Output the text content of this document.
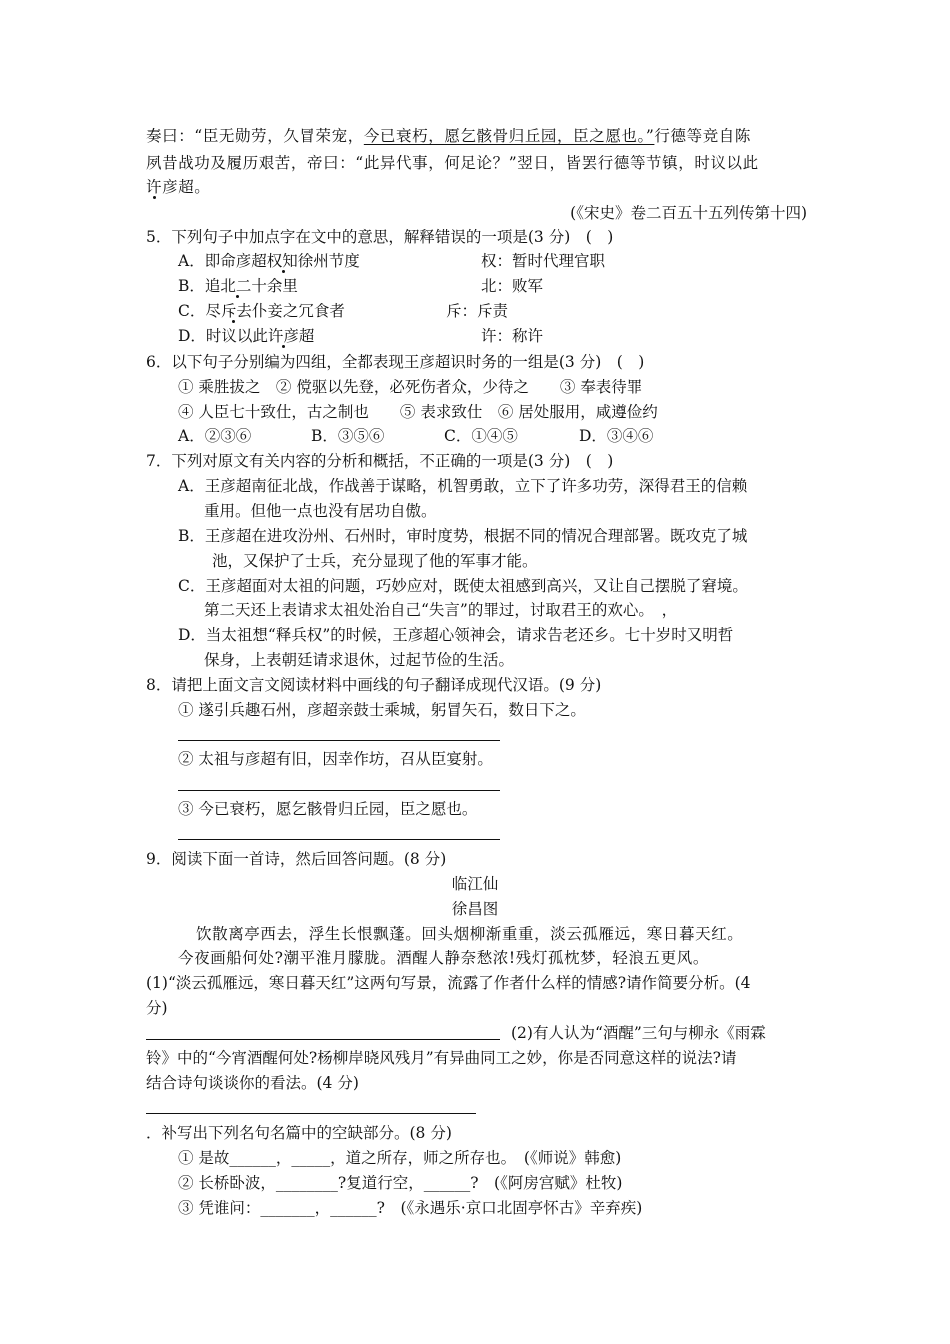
奏曰：“臣无勋劳，久冒荣宠，今已衰朽，愿乞骸骨归丘园，臣之愿也。”行德等竞自陈
夙昔战功及履历艰苦，帝曰：“此异代事，何足论？”翌日，皆罢行德等节镇，时议以此
许彦超。
(《宋史》卷二百五十五列传第十四)
5．下列句子中加点字在文中的意思，解释错误的一项是(3 分)　(　)
A．即命彦超权知徐州节度	权：暂时代理官职
B．追北二十余里	北：败军
C．尽斥去仆妾之冗食者	斥：斥责
D．时议以此许彦超	许：称许
6．以下句子分别编为四组，全都表现王彦超识时务的一组是(3 分)　(　)
① 乘胜拔之　② 傥驱以先登，必死伤者众，少待之　　③ 奉表待罪
④ 人臣七十致仕，古之制也　　⑤ 表求致仕　⑥ 居处服用，咸遵俭约
A．②③⑥	B．③⑤⑥	C．①④⑤	D．③④⑥
7．下列对原文有关内容的分析和概括，不正确的一项是(3 分)　(　)
A．王彦超南征北战，作战善于谋略，机智勇敢，立下了许多功劳，深得君王的信赖
重用。但他一点也没有居功自傲。
B．王彦超在进攻汾州、石州时，审时度势，根据不同的情况合理部署。既攻克了城
池，又保护了士兵，充分显现了他的军事才能。
C．王彦超面对太祖的问题，巧妙应对，既使太祖感到高兴，又让自己摆脱了窘境。
第二天还上表请求太祖处治自己“失言”的罪过，讨取君王的欢心。　，
D．当太祖想“释兵权”的时候，王彦超心领神会，请求告老还乡。七十岁时又明哲
保身，上表朝廷请求退休，过起节俭的生活。
8．请把上面文言文阅读材料中画线的句子翻译成现代汉语。(9 分)
① 遂引兵趣石州，彦超亲鼓士乘城，躬冒矢石，数日下之。
② 太祖与彦超有旧，因幸作坊，召从臣宴射。
③ 今已衰朽，愿乞骸骨归丘园，臣之愿也。
9．阅读下面一首诗，然后回答问题。(8 分)
临江仙
徐昌图
饮散离亭西去，浮生长恨飘蓬。回头烟柳渐重重，淡云孤雁远，寒日暮天红。
今夜画船何处?潮平淮月朦胧。酒醒人静奈愁浓!残灯孤枕梦，轻浪五更风。
(1)“淡云孤雁远，寒日暮天红”这两句写景，流露了作者什么样的情感?请作简要分析。(4
分)
(2)有人认为“酒醒”三句与柳永《雨霖
铃》中的“今宵酒醒何处?杨柳岸晓风残月”有异曲同工之妙，你是否同意这样的说法?请
结合诗句谈谈你的看法。(4 分)
．补写出下列名句名篇中的空缺部分。(8 分)
① 是故______，_____，道之所存，师之所存也。　(《师说》韩愈)
② 长桥卧波，________?复道行空，______?　(《阿房宫赋》杜牧)
③ 凭谁问：_______，______?　(《永遇乐·京口北固亭怀古》辛弃疾)
